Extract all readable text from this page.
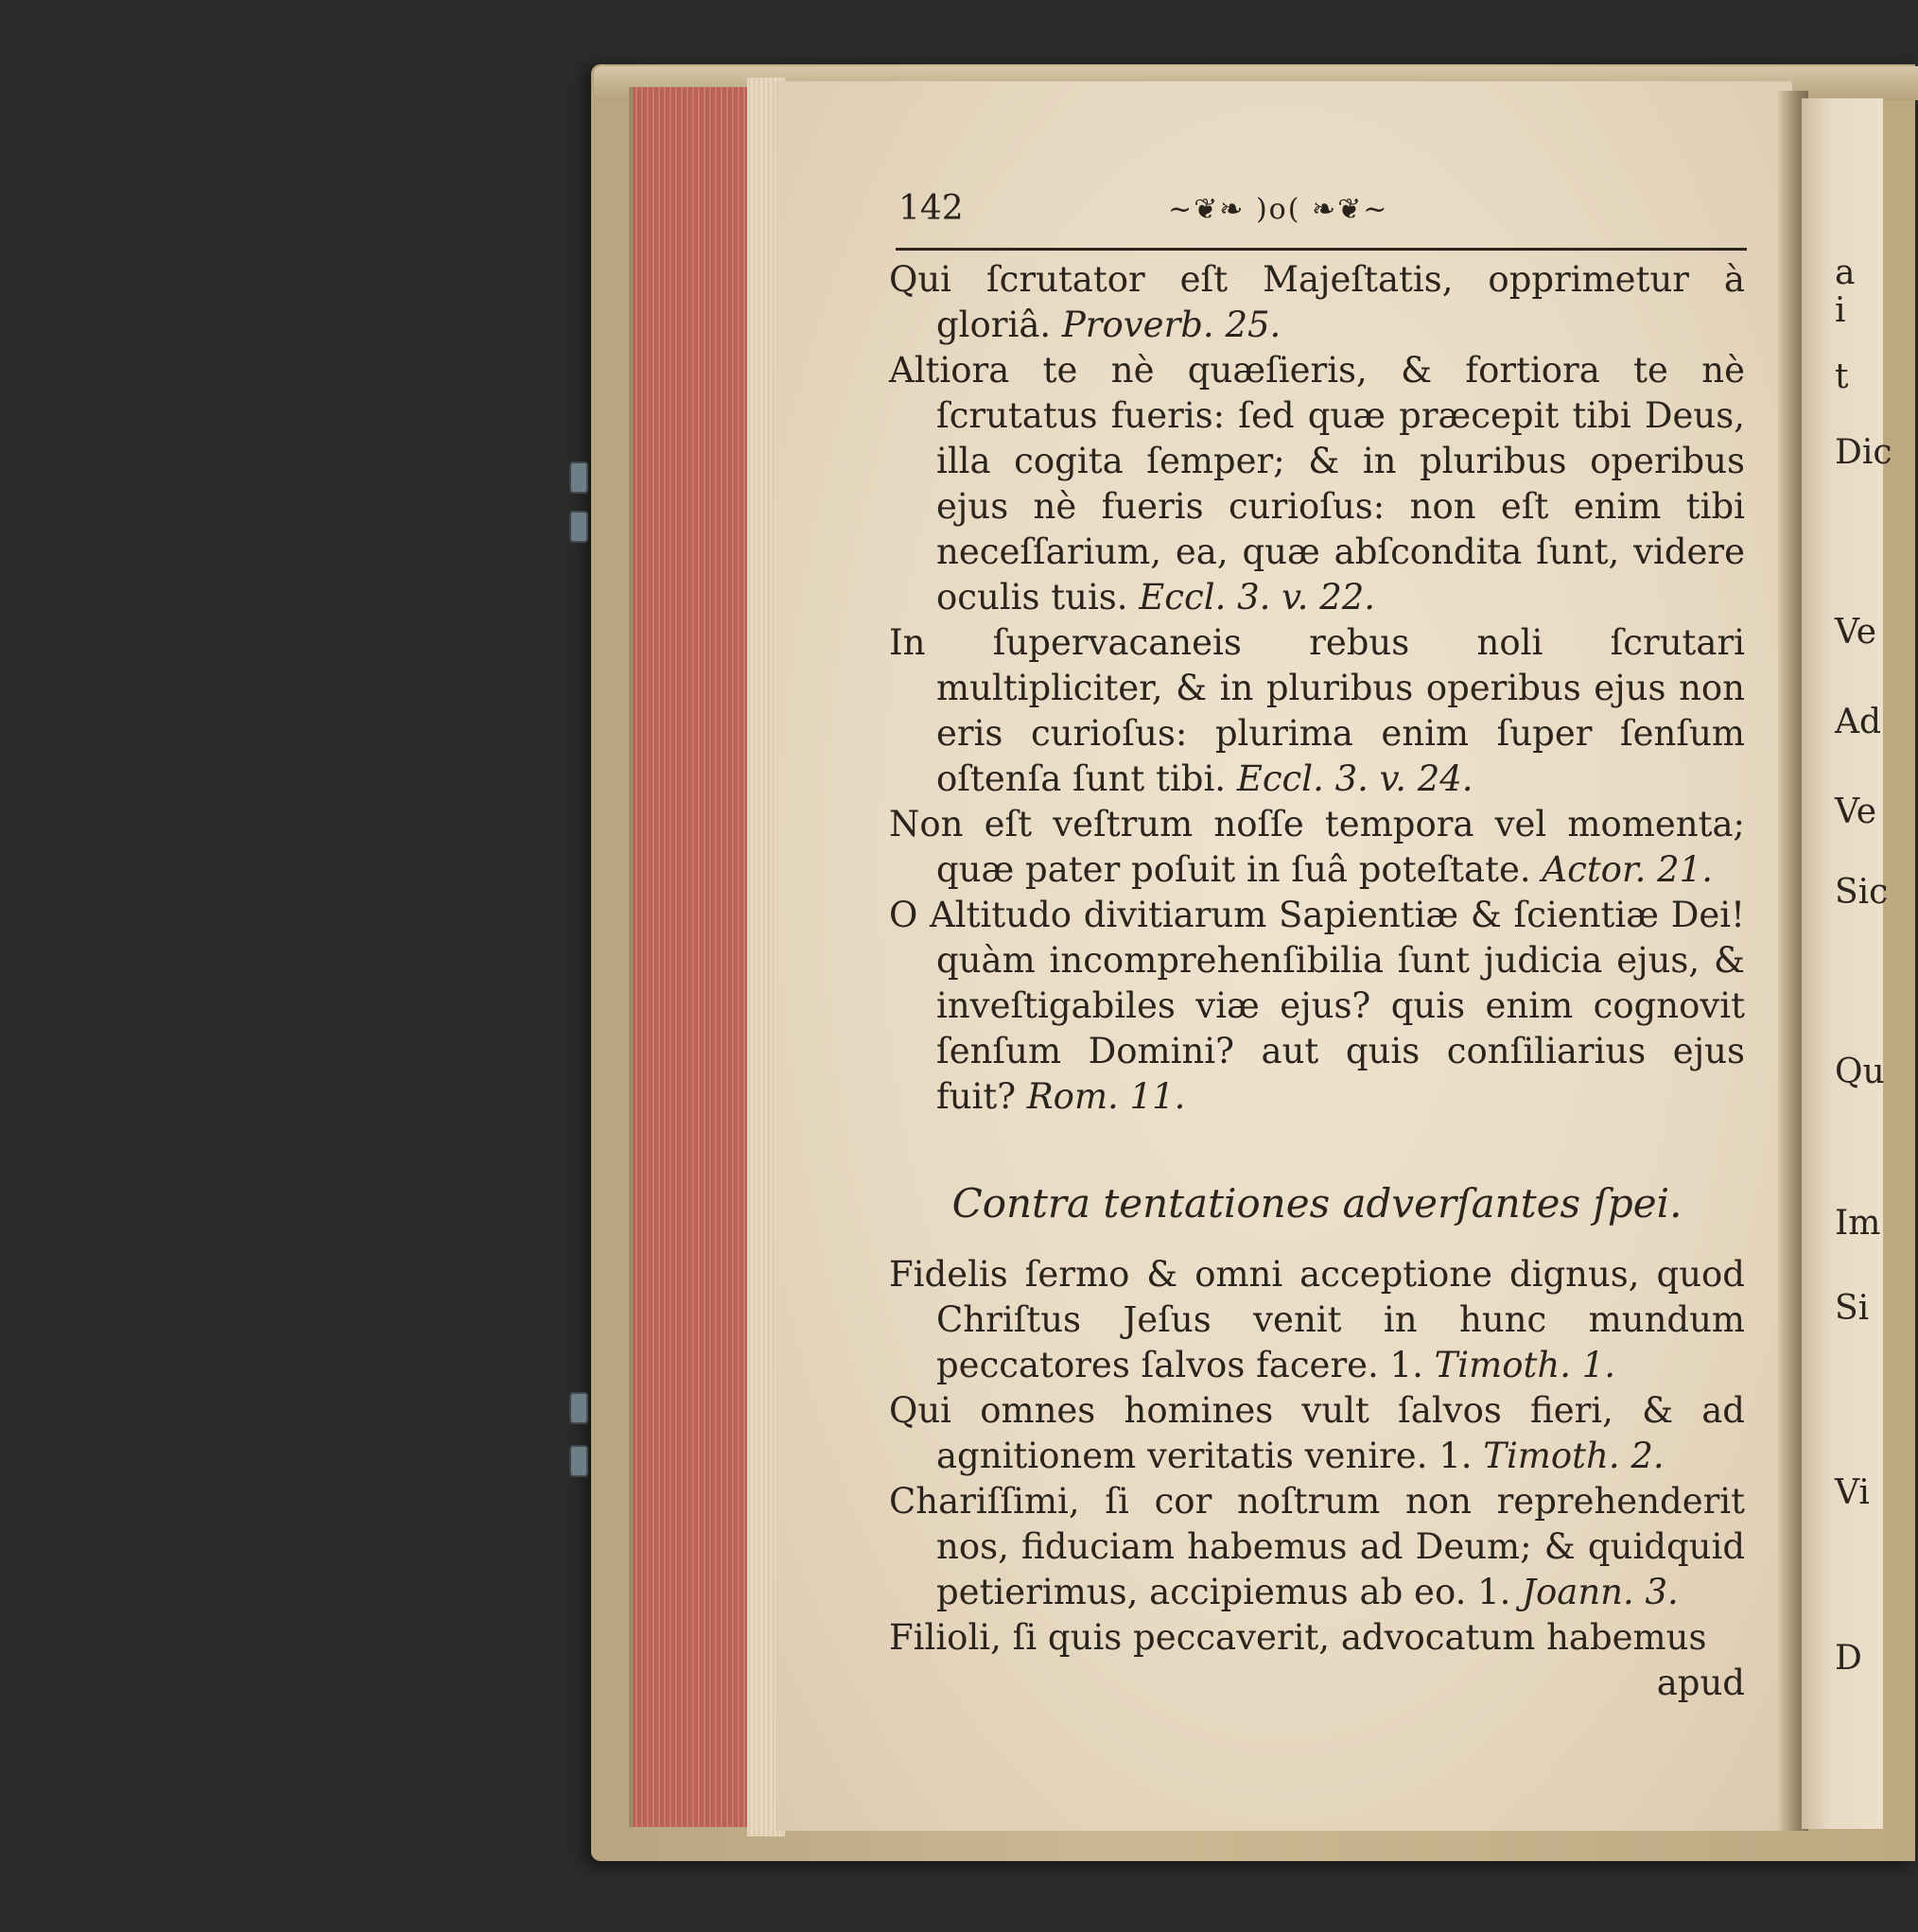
a
i
t
Dic
Ve
Ad
Ve
Sic
Qu
Im
Si
Vi
D
142	~❦❧ )o( ❧❦~
Qui ſcrutator eſt Majeſtatis, opprimetur à gloriâ. Proverb. 25.
Altiora te nè quæſieris, & fortiora te nè ſcrutatus fueris: ſed quæ præcepit tibi Deus, illa cogita ſemper; & in pluribus operibus ejus nè fueris curioſus: non eſt enim tibi neceſſarium, ea, quæ abſcondita ſunt, videre oculis tuis. Eccl. 3. v. 22.
In ſupervacaneis rebus noli ſcrutari multipliciter, & in pluribus operibus ejus non eris curioſus: plurima enim ſuper ſenſum oſtenſa ſunt tibi. Eccl. 3. v. 24.
Non eſt veſtrum noſſe tempora vel momenta; quæ pater poſuit in ſuâ poteſtate. Actor. 21.
O Altitudo divitiarum Sapientiæ & ſcientiæ Dei! quàm incomprehenſibilia ſunt judicia ejus, & inveſtigabiles viæ ejus? quis enim cognovit ſenſum Domini? aut quis conſiliarius ejus fuit? Rom. 11.
Contra tentationes adverſantes ſpei.
Fidelis ſermo & omni acceptione dignus, quod Chriſtus Jeſus venit in hunc mundum peccatores ſalvos facere. 1. Timoth. 1.
Qui omnes homines vult ſalvos fieri, & ad agnitionem veritatis venire. 1. Timoth. 2.
Chariſſimi, ſi cor noſtrum non reprehenderit nos, fiduciam habemus ad Deum; & quidquid petierimus, accipiemus ab eo. 1. Joann. 3.
Filioli, ſi quis peccaverit, advocatum habemus
apud
